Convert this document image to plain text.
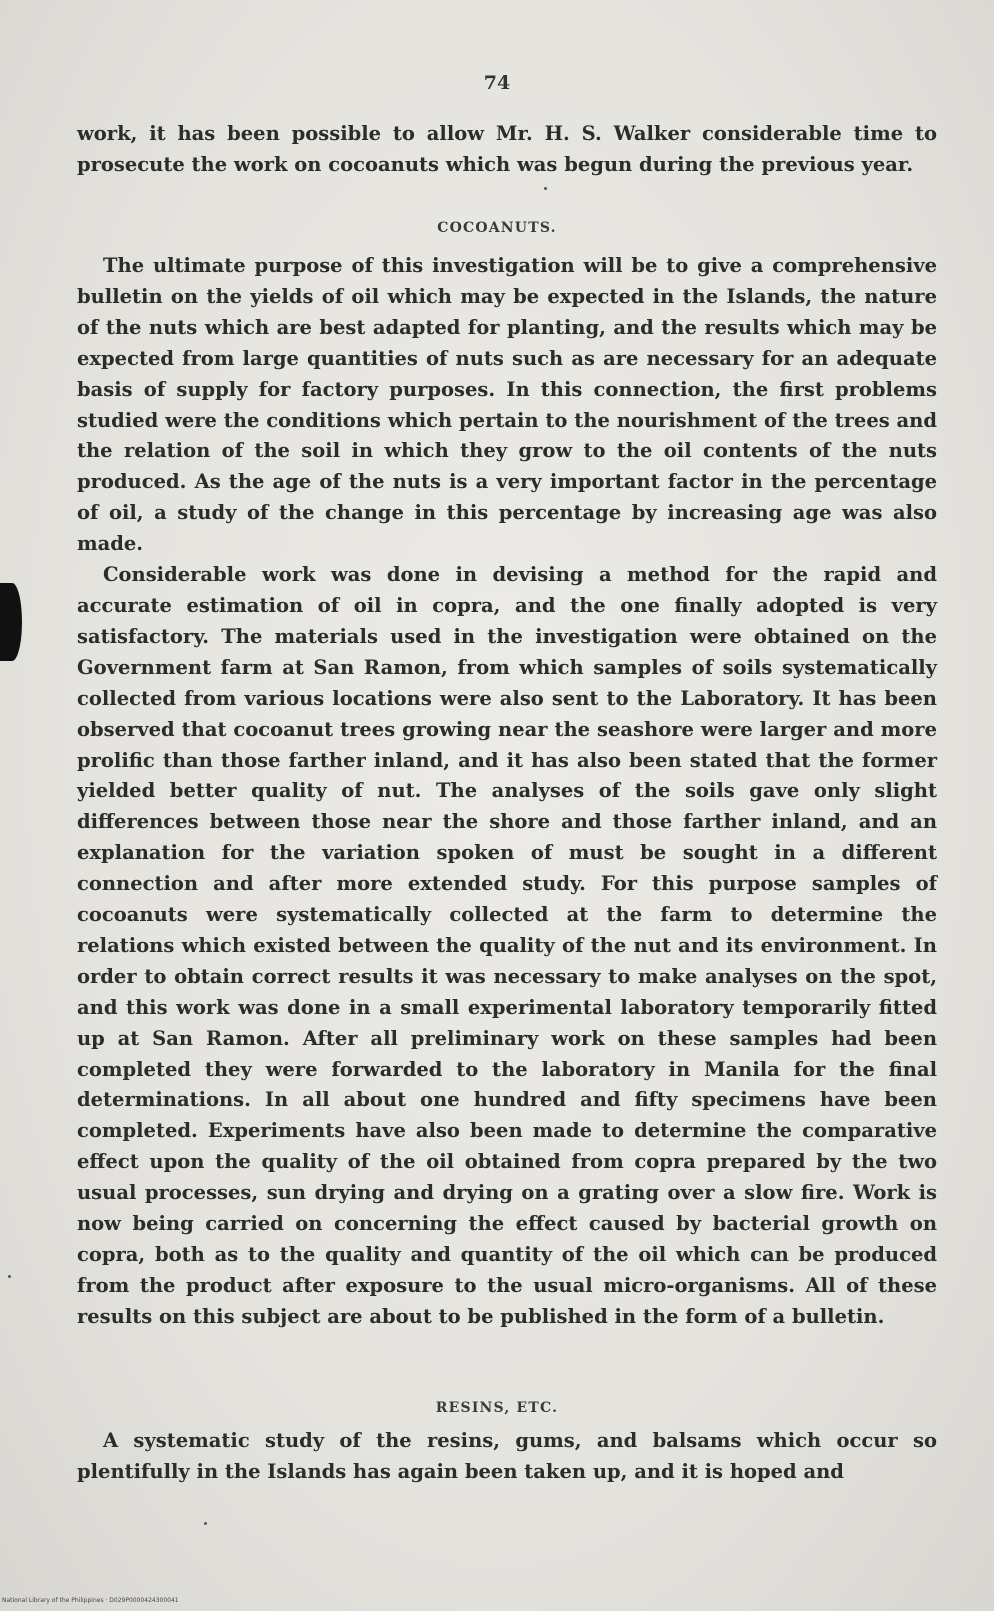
74

work, it has been possible to allow Mr. H. S. Walker considerable time to prosecute the work on cocoanuts which was begun during the previous year.

COCOANUTS.

The ultimate purpose of this investigation will be to give a comprehensive bulletin on the yields of oil which may be expected in the Islands, the nature of the nuts which are best adapted for planting, and the results which may be expected from large quantities of nuts such as are necessary for an adequate basis of supply for factory purposes. In this connection, the first problems studied were the conditions which pertain to the nourishment of the trees and the relation of the soil in which they grow to the oil contents of the nuts produced. As the age of the nuts is a very important factor in the percentage of oil, a study of the change in this percentage by increasing age was also made.

Considerable work was done in devising a method for the rapid and accurate estimation of oil in copra, and the one finally adopted is very satisfactory. The materials used in the investigation were obtained on the Government farm at San Ramon, from which samples of soils systematically collected from various locations were also sent to the Laboratory. It has been observed that cocoanut trees growing near the seashore were larger and more prolific than those farther inland, and it has also been stated that the former yielded better quality of nut. The analyses of the soils gave only slight differences between those near the shore and those farther inland, and an explanation for the variation spoken of must be sought in a different connection and after more extended study. For this purpose samples of cocoanuts were systematically collected at the farm to determine the relations which existed between the quality of the nut and its environment. In order to obtain correct results it was necessary to make analyses on the spot, and this work was done in a small experimental laboratory temporarily fitted up at San Ramon. After all preliminary work on these samples had been completed they were forwarded to the laboratory in Manila for the final determinations. In all about one hundred and fifty specimens have been completed. Experiments have also been made to determine the comparative effect upon the quality of the oil obtained from copra prepared by the two usual processes, sun drying and drying on a grating over a slow fire. Work is now being carried on concerning the effect caused by bacterial growth on copra, both as to the quality and quantity of the oil which can be produced from the product after exposure to the usual micro-organisms. All of these results on this subject are about to be published in the form of a bulletin.

RESINS, ETC.

A systematic study of the resins, gums, and balsams which occur so plentifully in the Islands has again been taken up, and it is hoped and

National Library of the Philippines · D029P0000424300041
